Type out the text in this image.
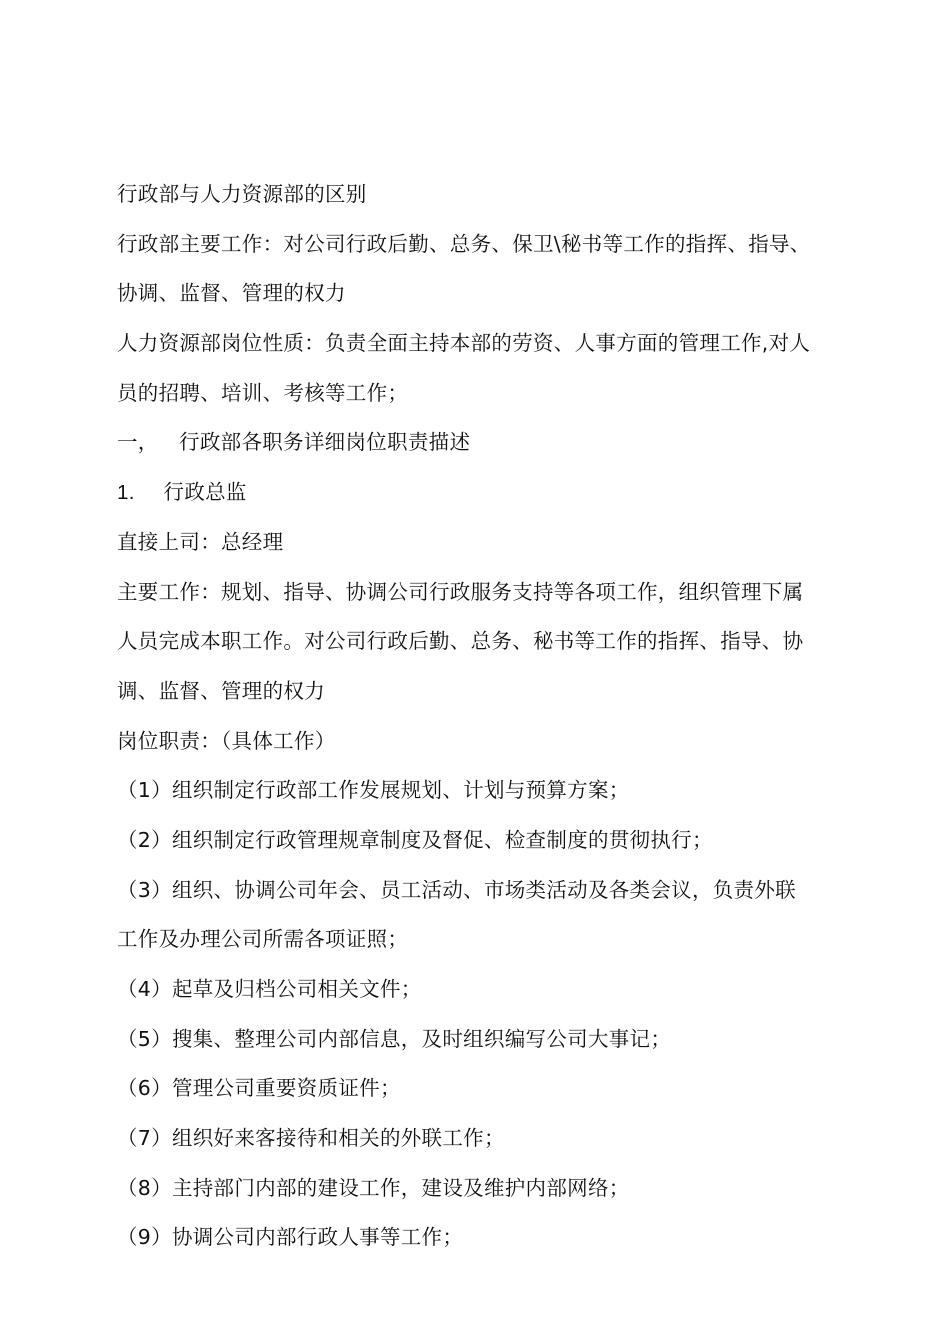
行政部与人力资源部的区别
行政部主要工作：对公司行政后勤、总务、保卫\秘书等工作的指挥、指导、
协调、监督、管理的权力
人力资源部岗位性质：负责全面主持本部的劳资、人事方面的管理工作,对人
员的招聘、培训、考核等工作；
一，   行政部各职务详细岗位职责描述
1. 行政总监
直接上司：总经理
主要工作：规划、指导、协调公司行政服务支持等各项工作，组织管理下属
人员完成本职工作。对公司行政后勤、总务、秘书等工作的指挥、指导、协
调、监督、管理的权力
岗位职责：（具体工作）
（1）组织制定行政部工作发展规划、计划与预算方案；
（2）组织制定行政管理规章制度及督促、检查制度的贯彻执行；
（3）组织、协调公司年会、员工活动、市场类活动及各类会议，负责外联
工作及办理公司所需各项证照；
（4）起草及归档公司相关文件；
（5）搜集、整理公司内部信息，及时组织编写公司大事记；
（6）管理公司重要资质证件；
（7）组织好来客接待和相关的外联工作；
（8）主持部门内部的建设工作，建设及维护内部网络；
（9）协调公司内部行政人事等工作；
